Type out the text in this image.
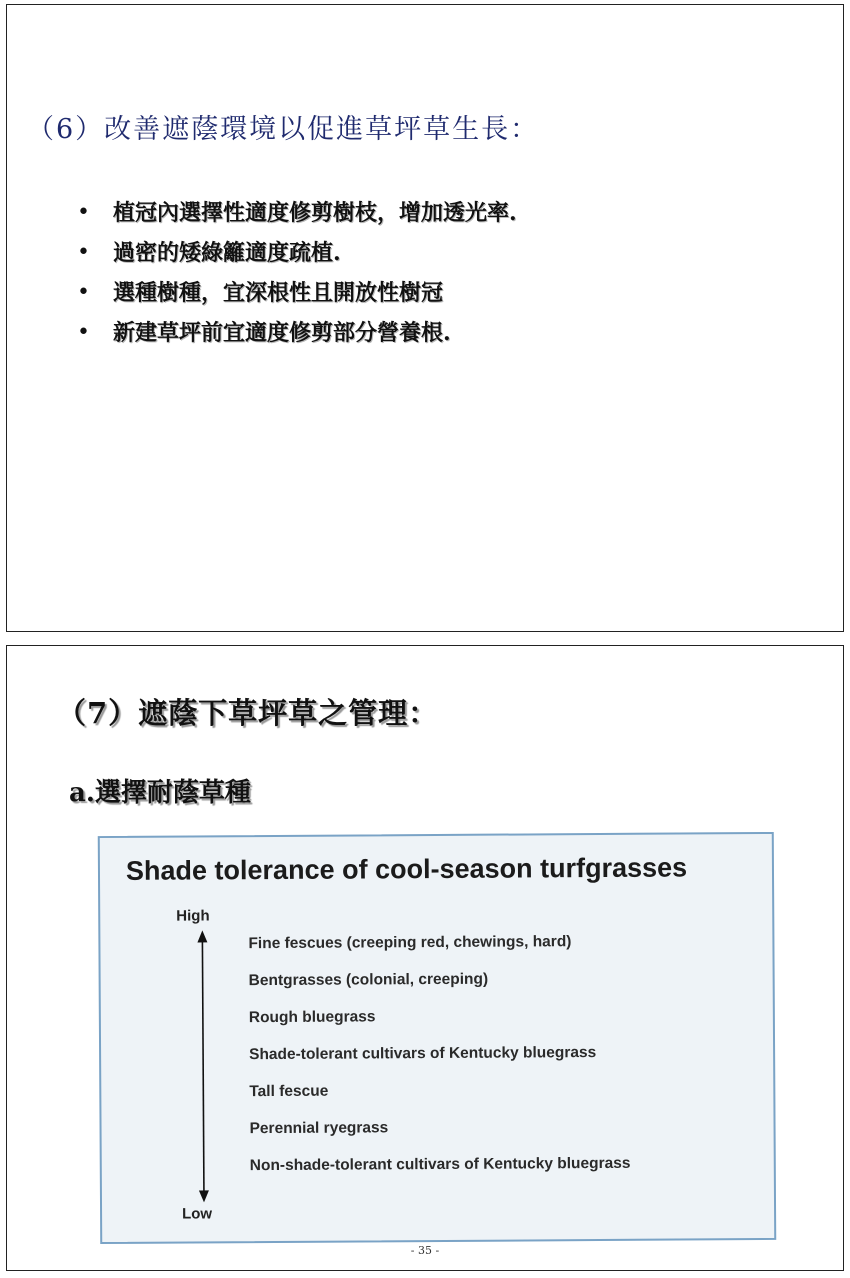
（6）改善遮蔭環境以促進草坪草生長：
• 植冠內選擇性適度修剪樹枝，增加透光率.
• 過密的矮綠籬適度疏植.
• 選種樹種，宜深根性且開放性樹冠
• 新建草坪前宜適度修剪部分營養根.
（7）遮蔭下草坪草之管理：
a.選擇耐蔭草種
Shade tolerance of cool-season turfgrasses
High
Low
Fine fescues (creeping red, chewings, hard)
Bentgrasses (colonial, creeping)
Rough bluegrass
Shade-tolerant cultivars of Kentucky bluegrass
Tall fescue
Perennial ryegrass
Non-shade-tolerant cultivars of Kentucky bluegrass
- 35 -
